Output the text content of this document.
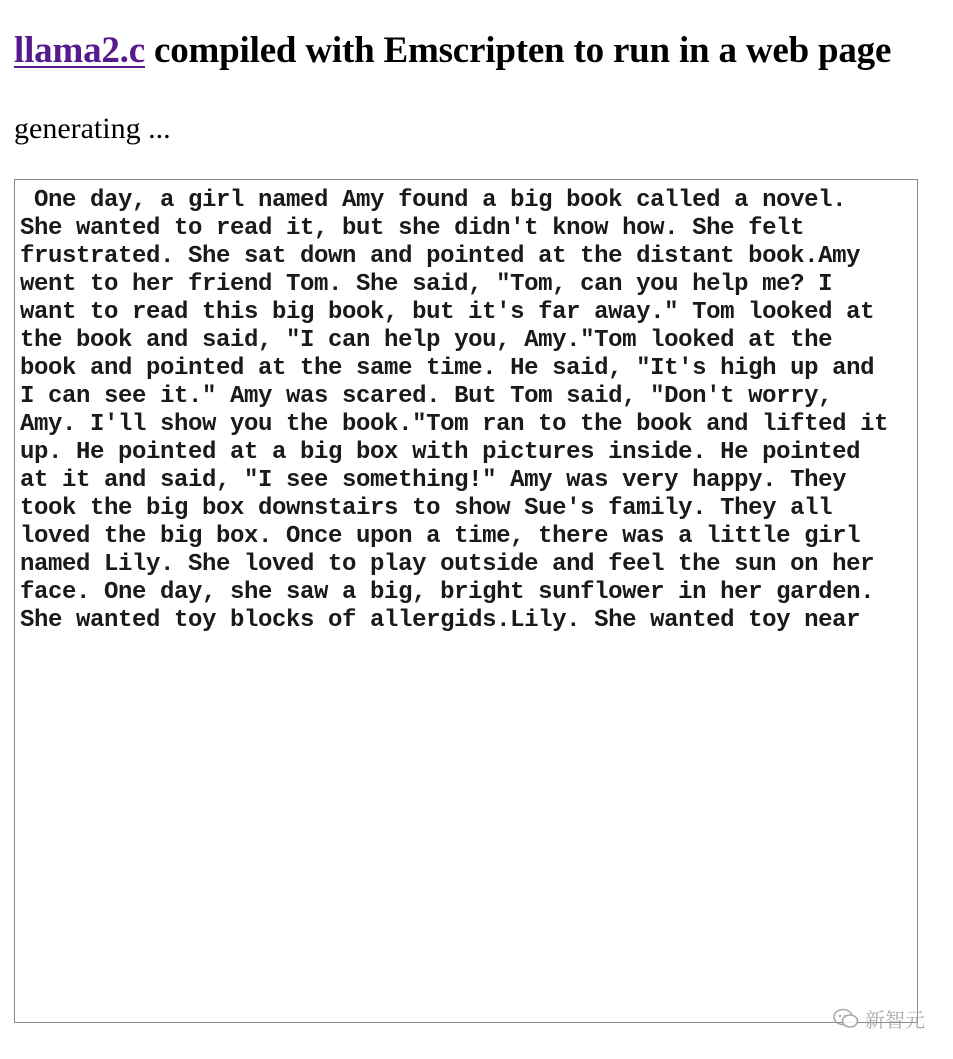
llama2.c compiled with Emscripten to run in a web page

generating ...

One day, a girl named Amy found a big book called a novel.
She wanted to read it, but she didn't know how. She felt
frustrated. She sat down and pointed at the distant book.Amy
went to her friend Tom. She said, "Tom, can you help me? I
want to read this big book, but it's far away." Tom looked at
the book and said, "I can help you, Amy."Tom looked at the
book and pointed at the same time. He said, "It's high up and
I can see it." Amy was scared. But Tom said, "Don't worry,
Amy. I'll show you the book."Tom ran to the book and lifted it
up. He pointed at a big box with pictures inside. He pointed
at it and said, "I see something!" Amy was very happy. They
took the big box downstairs to show Sue's family. They all
loved the big box. Once upon a time, there was a little girl
named Lily. She loved to play outside and feel the sun on her
face. One day, she saw a big, bright sunflower in her garden.
She wanted toy blocks of allergids.Lily. She wanted toy near
新智元
